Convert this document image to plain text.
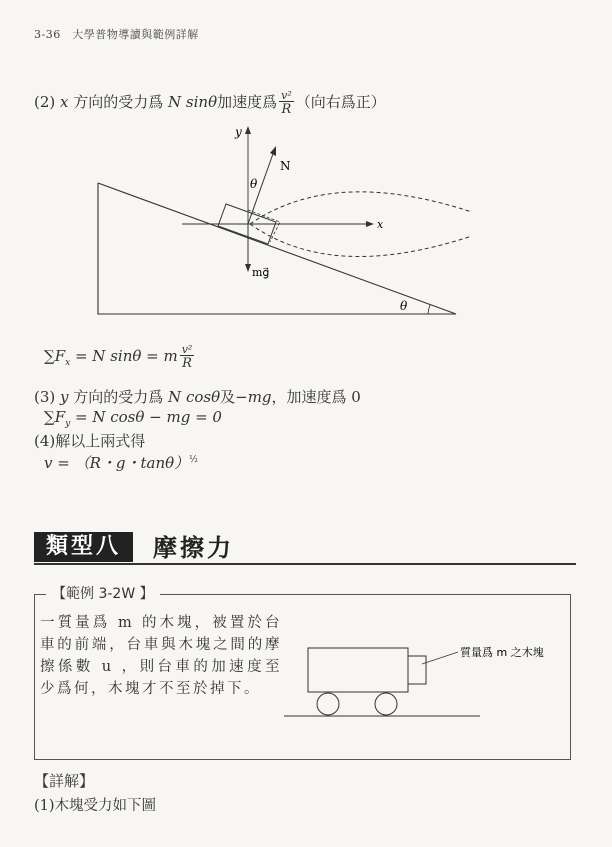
3-36　大學普物導讀與範例詳解
(2) x 方向的受力爲 N sinθ加速度爲 $\frac{\text{v²}}{R}$ （向右爲正）
θ
y
x
N
θ
mg⃗
$\sum F_x = N$ sinθ = m $\frac{\text{v²}}{R}$
(3) y 方向的受力爲 N cosθ及−mg，加速度爲 0
$\sum F_y = N$ cosθ − mg = 0
(4)解以上兩式得
v = （R・g・tanθ）$^{\frac{1}{2}}$
類型八	摩擦力
【範例 3-2W 】
一質量爲 m 的木塊，被置於台車的前端，台車與木塊之間的摩擦係數 u ，則台車的加速度至少爲何，木塊才不至於掉下。
質量爲 m 之木塊
【詳解】
(1)木塊受力如下圖
